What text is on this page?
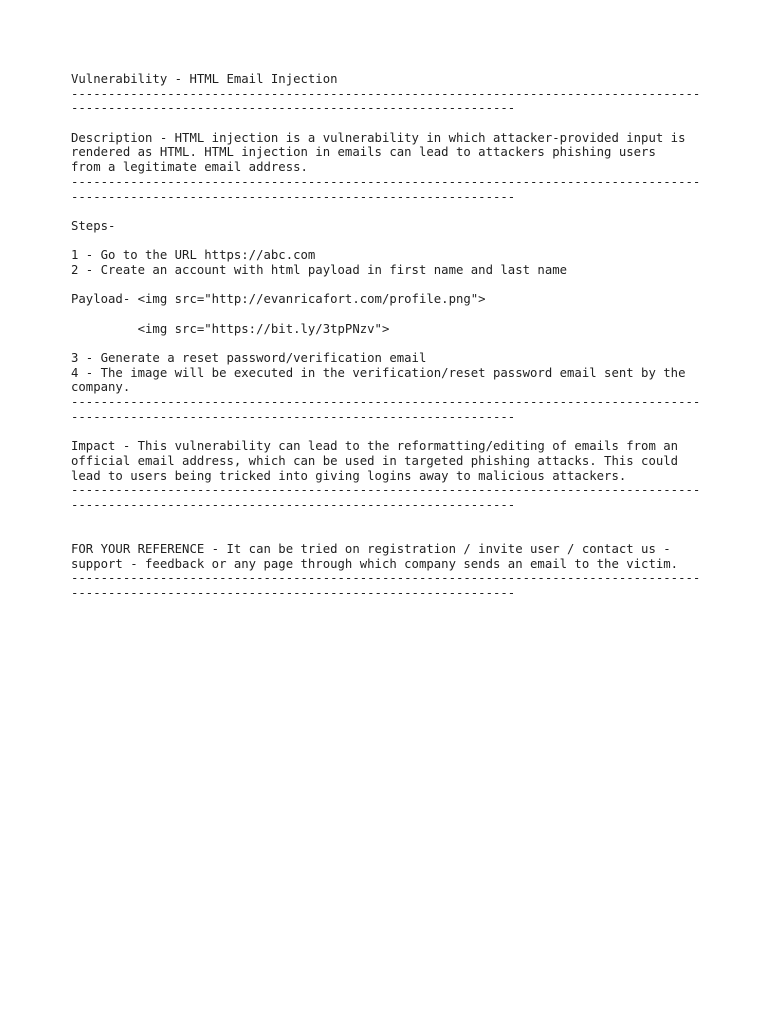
Vulnerability - HTML Email Injection
-------------------------------------------------------------------------------------
------------------------------------------------------------
Description - HTML injection is a vulnerability in which attacker-provided input is
rendered as HTML. HTML injection in emails can lead to attackers phishing users
from a legitimate email address.
-------------------------------------------------------------------------------------
------------------------------------------------------------
Steps-
1 - Go to the URL https://abc.com
2 - Create an account with html payload in first name and last name
Payload- <img src="http://evanricafort.com/profile.png">
<img src="https://bit.ly/3tpPNzv">
3 - Generate a reset password/verification email
4 - The image will be executed in the verification/reset password email sent by the
company.
-------------------------------------------------------------------------------------
------------------------------------------------------------
Impact - This vulnerability can lead to the reformatting/editing of emails from an
official email address, which can be used in targeted phishing attacks. This could
lead to users being tricked into giving logins away to malicious attackers.
-------------------------------------------------------------------------------------
------------------------------------------------------------
FOR YOUR REFERENCE - It can be tried on registration / invite user / contact us -
support - feedback or any page through which company sends an email to the victim.
-------------------------------------------------------------------------------------
------------------------------------------------------------
